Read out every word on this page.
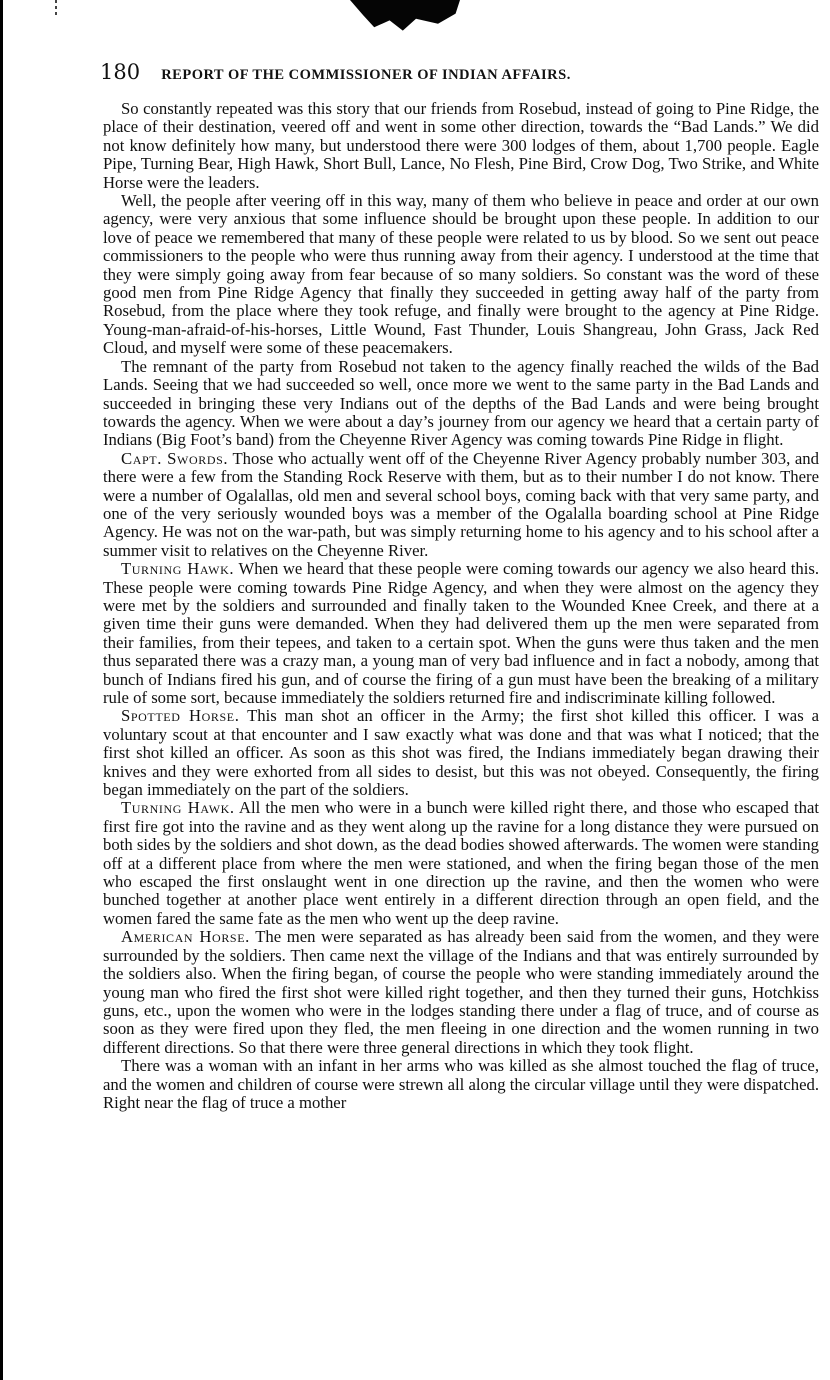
180 REPORT OF THE COMMISSIONER OF INDIAN AFFAIRS.

So constantly repeated was this story that our friends from Rosebud, instead of going to Pine Ridge, the place of their destination, veered off and went in some other direction, towards the “Bad Lands.” We did not know definitely how many, but understood there were 300 lodges of them, about 1,700 people. Eagle Pipe, Turning Bear, High Hawk, Short Bull, Lance, No Flesh, Pine Bird, Crow Dog, Two Strike, and White Horse were the leaders.

Well, the people after veering off in this way, many of them who believe in peace and order at our own agency, were very anxious that some influence should be brought upon these people. In addition to our love of peace we remembered that many of these people were related to us by blood. So we sent out peace commissioners to the people who were thus running away from their agency. I understood at the time that they were simply going away from fear because of so many soldiers. So constant was the word of these good men from Pine Ridge Agency that finally they succeeded in getting away half of the party from Rosebud, from the place where they took refuge, and finally were brought to the agency at Pine Ridge. Young-man-afraid-of-his-horses, Little Wound, Fast Thunder, Louis Shangreau, John Grass, Jack Red Cloud, and myself were some of these peacemakers.

The remnant of the party from Rosebud not taken to the agency finally reached the wilds of the Bad Lands. Seeing that we had succeeded so well, once more we went to the same party in the Bad Lands and succeeded in bringing these very Indians out of the depths of the Bad Lands and were being brought towards the agency. When we were about a day’s journey from our agency we heard that a certain party of Indians (Big Foot’s band) from the Cheyenne River Agency was coming towards Pine Ridge in flight.

Capt. Swords. Those who actually went off of the Cheyenne River Agency probably number 303, and there were a few from the Standing Rock Reserve with them, but as to their number I do not know. There were a number of Ogalallas, old men and several school boys, coming back with that very same party, and one of the very seriously wounded boys was a member of the Ogalalla boarding school at Pine Ridge Agency. He was not on the war-path, but was simply returning home to his agency and to his school after a summer visit to relatives on the Cheyenne River.

Turning Hawk. When we heard that these people were coming towards our agency we also heard this. These people were coming towards Pine Ridge Agency, and when they were almost on the agency they were met by the soldiers and surrounded and finally taken to the Wounded Knee Creek, and there at a given time their guns were demanded. When they had delivered them up the men were separated from their families, from their tepees, and taken to a certain spot. When the guns were thus taken and the men thus separated there was a crazy man, a young man of very bad influence and in fact a nobody, among that bunch of Indians fired his gun, and of course the firing of a gun must have been the breaking of a military rule of some sort, because immediately the soldiers returned fire and indiscriminate killing followed.

Spotted Horse. This man shot an officer in the Army; the first shot killed this officer. I was a voluntary scout at that encounter and I saw exactly what was done and that was what I noticed; that the first shot killed an officer. As soon as this shot was fired, the Indians immediately began drawing their knives and they were exhorted from all sides to desist, but this was not obeyed. Consequently, the firing began immediately on the part of the soldiers.

Turning Hawk. All the men who were in a bunch were killed right there, and those who escaped that first fire got into the ravine and as they went along up the ravine for a long distance they were pursued on both sides by the soldiers and shot down, as the dead bodies showed afterwards. The women were standing off at a different place from where the men were stationed, and when the firing began those of the men who escaped the first onslaught went in one direction up the ravine, and then the women who were bunched together at another place went entirely in a different direction through an open field, and the women fared the same fate as the men who went up the deep ravine.

American Horse. The men were separated as has already been said from the women, and they were surrounded by the soldiers. Then came next the village of the Indians and that was entirely surrounded by the soldiers also. When the firing began, of course the people who were standing immediately around the young man who fired the first shot were killed right together, and then they turned their guns, Hotchkiss guns, etc., upon the women who were in the lodges standing there under a flag of truce, and of course as soon as they were fired upon they fled, the men fleeing in one direction and the women running in two different directions. So that there were three general directions in which they took flight.

There was a woman with an infant in her arms who was killed as she almost touched the flag of truce, and the women and children of course were strewn all along the circular village until they were dispatched. Right near the flag of truce a mother
